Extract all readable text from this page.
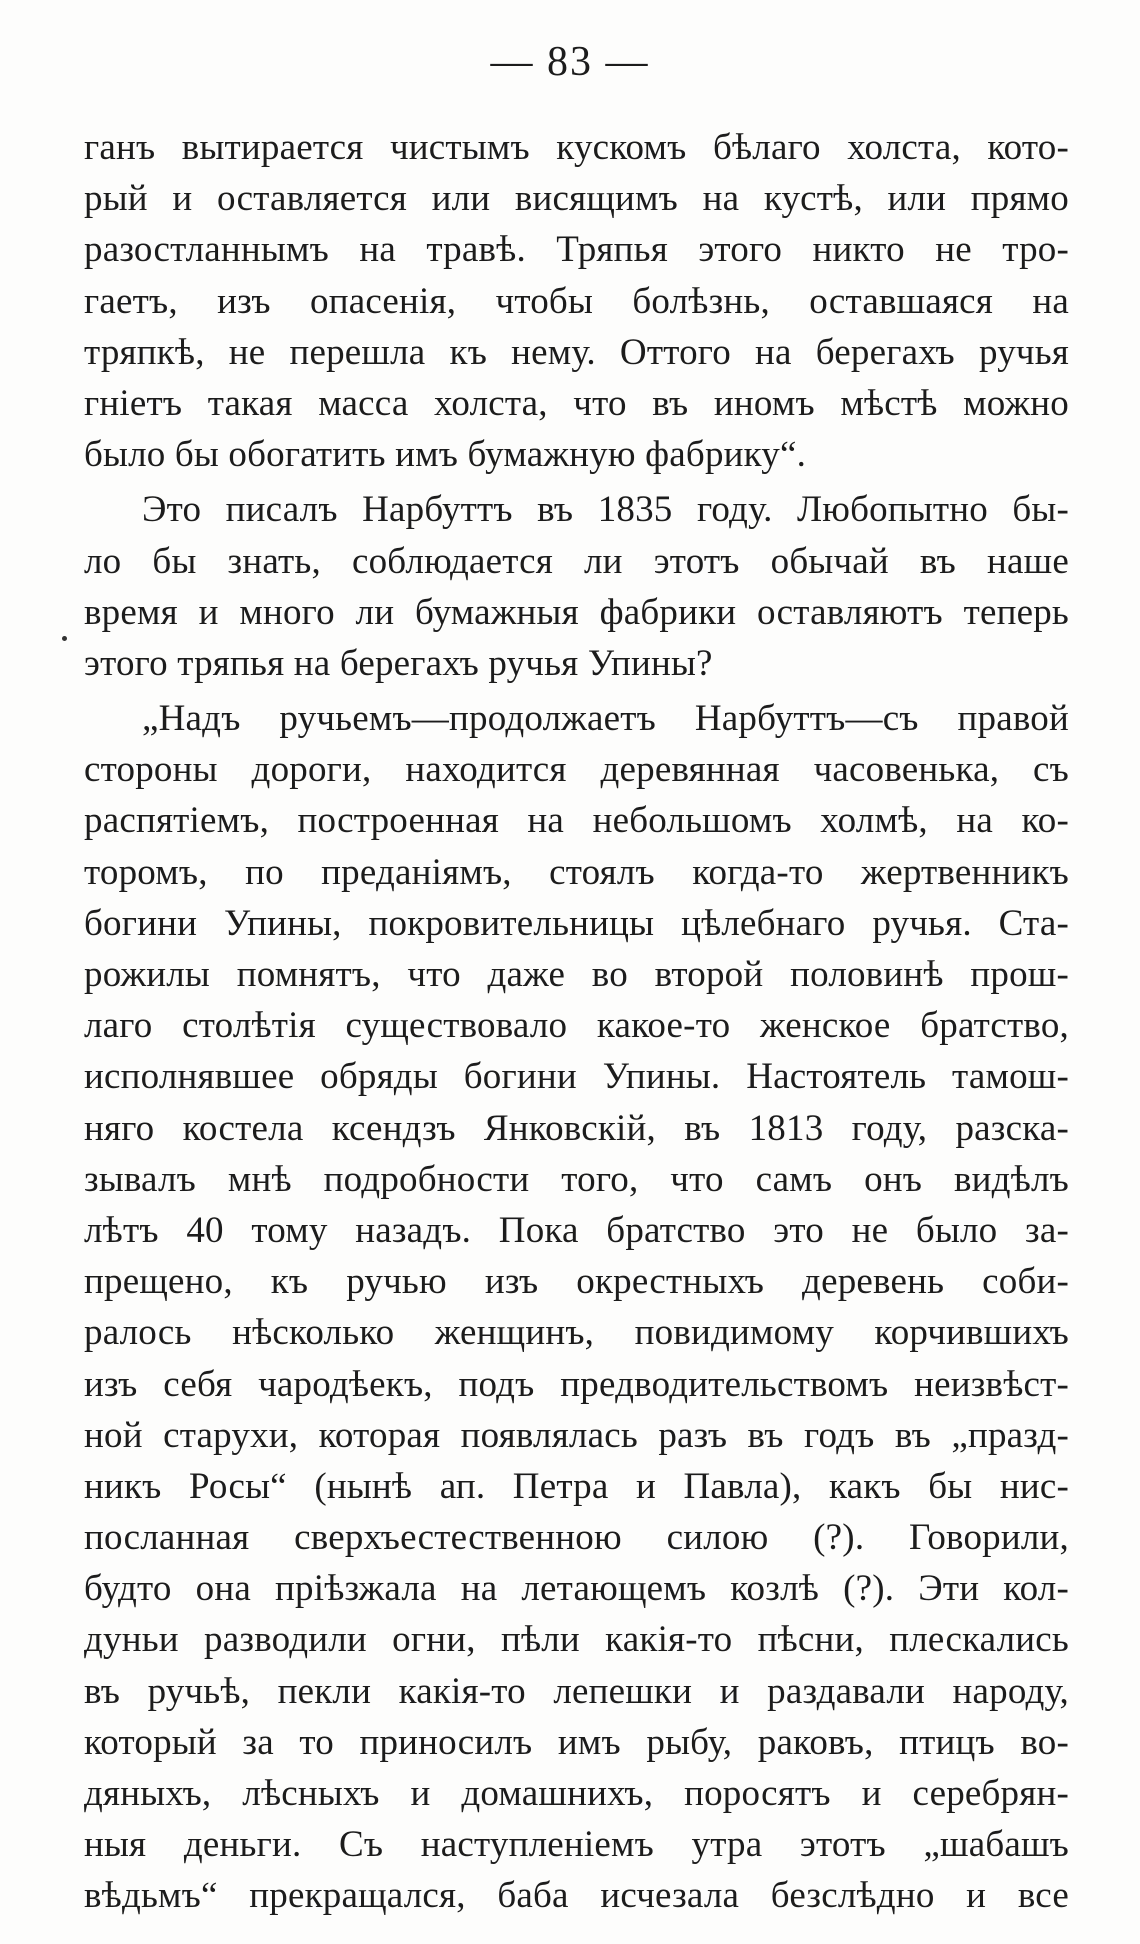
— 83 —
ганъ вытирается чистымъ кускомъ бѣлаго холста, кото-
рый и оставляется или висящимъ на кустѣ, или прямо
разостланнымъ на травѣ. Тряпья этого никто не тро-
гаетъ, изъ опасенія, чтобы болѣзнь, оставшаяся на
тряпкѣ, не перешла къ нему. Оттого на берегахъ ручья
гніетъ такая масса холста, что въ иномъ мѣстѣ можно
было бы обогатить имъ бумажную фабрику“.
Это писалъ Нарбуттъ въ 1835 году. Любопытно бы-
ло бы знать, соблюдается ли этотъ обычай въ наше
время и много ли бумажныя фабрики оставляютъ теперь
этого тряпья на берегахъ ручья Упины?
„Надъ ручьемъ—продолжаетъ Нарбуттъ—съ правой
стороны дороги, находится деревянная часовенька, съ
распятіемъ, построенная на небольшомъ холмѣ, на ко-
торомъ, по преданіямъ, стоялъ когда-то жертвенникъ
богини Упины, покровительницы цѣлебнаго ручья. Ста-
рожилы помнятъ, что даже во второй половинѣ прош-
лаго столѣтія существовало какое-то женское братство,
исполнявшее обряды богини Упины. Настоятель тамош-
няго костела ксендзъ Янковскій, въ 1813 году, разска-
зывалъ мнѣ подробности того, что самъ онъ видѣлъ
лѣтъ 40 тому назадъ. Пока братство это не было за-
прещено, къ ручью изъ окрестныхъ деревень соби-
ралось нѣсколько женщинъ, повидимому корчившихъ
изъ себя чародѣекъ, подъ предводительствомъ неизвѣст-
ной старухи, которая появлялась разъ въ годъ въ „празд-
никъ Росы“ (нынѣ ап. Петра и Павла), какъ бы нис-
посланная сверхъестественною силою (?). Говорили,
будто она пріѣзжала на летающемъ козлѣ (?). Эти кол-
дуньи разводили огни, пѣли какія-то пѣсни, плескались
въ ручьѣ, пекли какія-то лепешки и раздавали народу,
который за то приносилъ имъ рыбу, раковъ, птицъ во-
дяныхъ, лѣсныхъ и домашнихъ, поросятъ и серебрян-
ныя деньги. Съ наступленіемъ утра этотъ „шабашъ
вѣдьмъ“ прекращался, баба исчезала безслѣдно и все
